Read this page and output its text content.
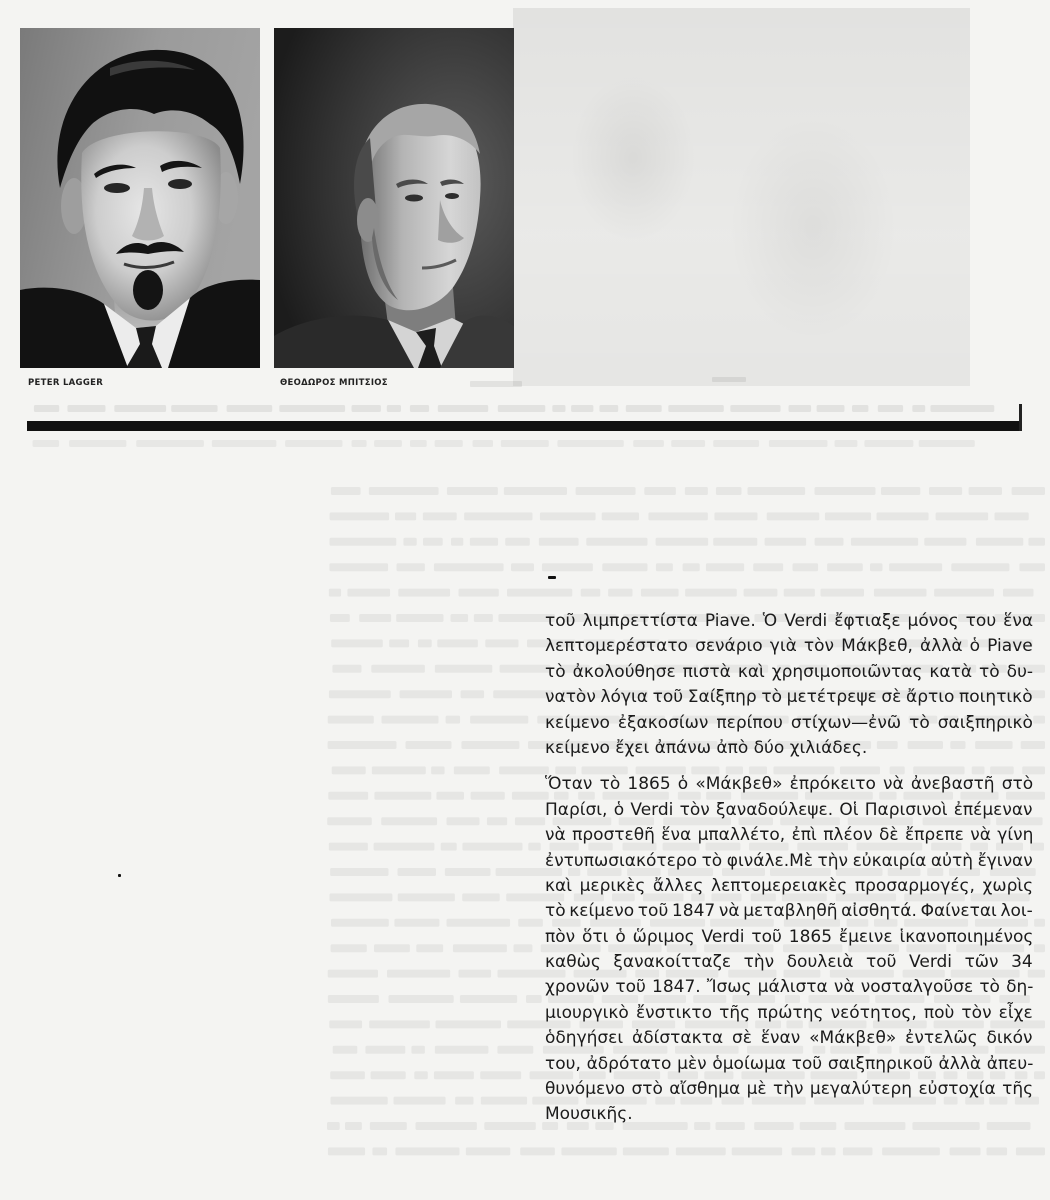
PETER LAGGER	ΘΕΟΔΩΡΟΣ ΜΠΙΤΣΙΟΣ
τοῦ λιμπρεττίστα Piave. Ὁ Verdi ἔφτιαξε μόνος του ἕνα
λεπτομερέστατο σενάριο γιὰ τὸν Μάκβεθ, ἀλλὰ ὁ Piave
τὸ ἀκολούθησε πιστὰ καὶ χρησιμοποιῶντας κατὰ τὸ δυ-
νατὸν λόγια τοῦ Σαίξπηρ τὸ μετέτρεψε σὲ ἄρτιο ποιητικὸ
κείμενο ἐξακοσίων περίπου στίχων—ἐνῶ τὸ σαιξπηρικὸ
κείμενο ἔχει ἀπάνω ἀπὸ δύο χιλιάδες.
Ὅταν τὸ 1865 ὁ «Μάκβεθ» ἐπρόκειτο νὰ ἀνεβαστῆ στὸ
Παρίσι, ὁ Verdi τὸν ξαναδούλεψε. Οἱ Παρισινοὶ ἐπέμεναν
νὰ προστεθῆ ἕνα μπαλλέτο, ἐπὶ πλέον δὲ ἔπρεπε νὰ γίνη
ἐντυπωσιακότερο τὸ φινάλε.Μὲ τὴν εὐκαιρία αὐτὴ ἔγιναν
καὶ μερικὲς ἄλλες λεπτομερειακὲς προσαρμογές, χωρὶς
τὸ κείμενο τοῦ 1847 νὰ μεταβληθῆ αἰσθητά. Φαίνεται λοι-
πὸν ὅτι ὁ ὥριμος Verdi τοῦ 1865 ἔμεινε ἱκανοποιημένος
καθὼς ξανακοίτταζε τὴν δουλειὰ τοῦ Verdi τῶν 34
χρονῶν τοῦ 1847. Ἴσως μάλιστα νὰ νοσταλγοῦσε τὸ δη-
μιουργικὸ ἔνστικτο τῆς πρώτης νεότητος, ποὺ τὸν εἶχε
ὁδηγήσει ἀδίστακτα σὲ ἕναν «Μάκβεθ» ἐντελῶς δικόν
του, ἀδρότατο μὲν ὁμοίωμα τοῦ σαιξπηρικοῦ ἀλλὰ ἀπευ-
θυνόμενο στὸ αἴσθημα μὲ τὴν μεγαλύτερη εὐστοχία τῆς
Μουσικῆς.
